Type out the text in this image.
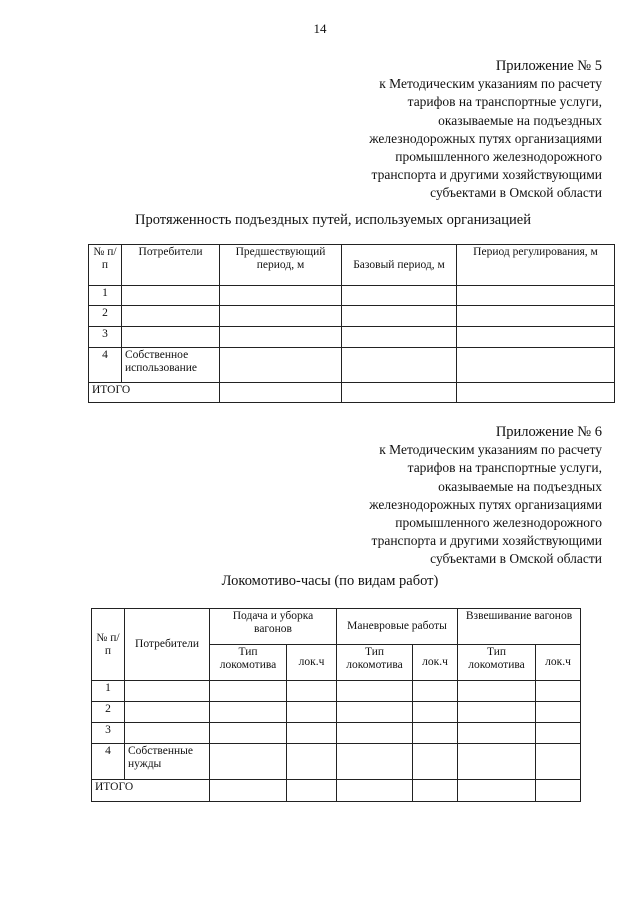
14
Приложение № 5
к Методическим указаниям по расчету
тарифов на транспортные услуги,
оказываемые на подъездных
железнодорожных путях организациями
промышленного железнодорожного
транспорта и другими хозяйствующими
субъектами в Омской области
Протяженность подъездных путей, используемых организацией
№ п/п	Потребители	Предшествующий период, м	Базовый период, м	Период регулирования, м
1				
2				
3				
4	Собственное использование			
ИТОГО				
Приложение № 6
к Методическим указаниям по расчету
тарифов на транспортные услуги,
оказываемые на подъездных
железнодорожных путях организациями
промышленного железнодорожного
транспорта и другими хозяйствующими
субъектами в Омской области
Локомотиво-часы (по видам работ)
№ п/п	Потребители	Подача и уборка вагонов		Маневровые работы		Взвешивание вагонов	
		Тип локомотива	лок.ч	Тип локомотива	лок.ч	Тип локомотива	лок.ч
1							
2							
3							
4	Собственные нужды						
ИТОГО							
